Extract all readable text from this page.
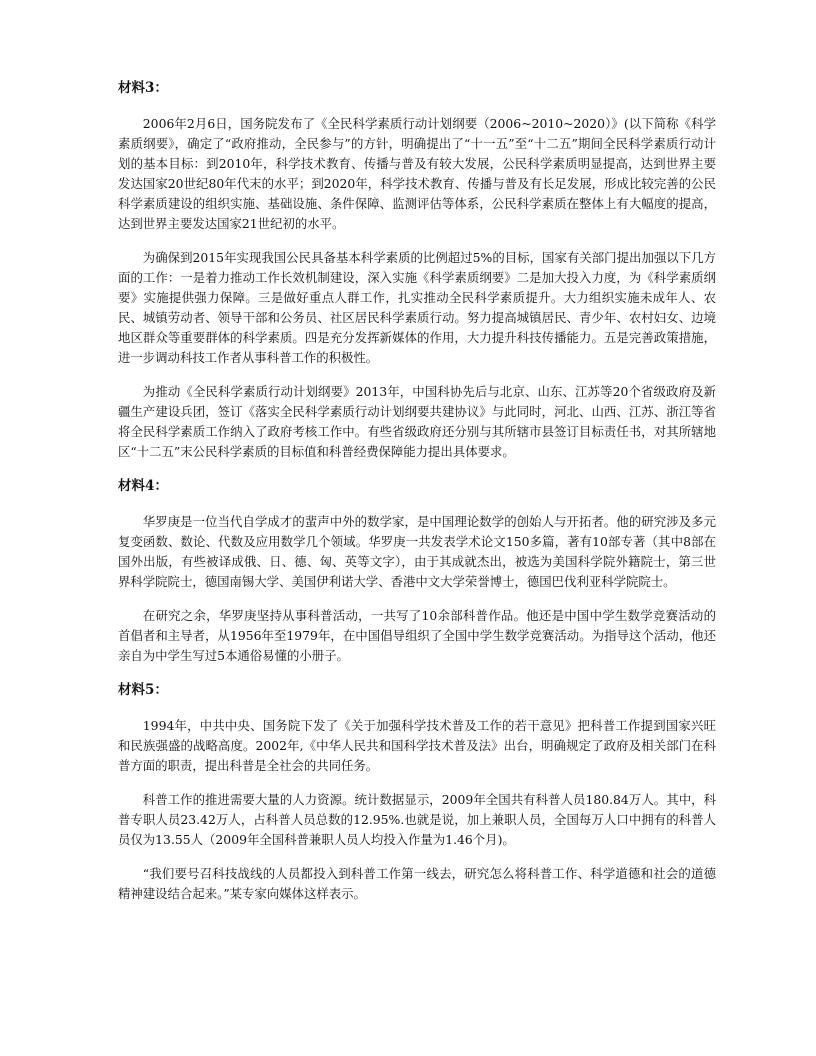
材料3：

2006年2月6日，国务院发布了《全民科学素质行动计划纲要（2006~2010~2020）》(以下简称《科学素质纲要》，确定了“政府推动，全民参与”的方针，明确提出了“十一五”至“十二五”期间全民科学素质行动计划的基本目标：到2010年，科学技术教育、传播与普及有较大发展，公民科学素质明显提高，达到世界主要发达国家20世纪80年代末的水平；到2020年，科学技术教育、传播与普及有长足发展，形成比较完善的公民科学素质建设的组织实施、基础设施、条件保障、监测评估等体系，公民科学素质在整体上有大幅度的提高，达到世界主要发达国家21世纪初的水平。

为确保到2015年实现我国公民具备基本科学素质的比例超过5%的目标，国家有关部门提出加强以下几方面的工作：一是着力推动工作长效机制建设，深入实施《科学素质纲要》二是加大投入力度，为《科学素质纲要》实施提供强力保障。三是做好重点人群工作，扎实推动全民科学素质提升。大力组织实施未成年人、农民、城镇劳动者、领导干部和公务员、社区居民科学素质行动。努力提高城镇居民、青少年、农村妇女、边境地区群众等重要群体的科学素质。四是充分发挥新媒体的作用，大力提升科技传播能力。五是完善政策措施，进一步调动科技工作者从事科普工作的积极性。

为推动《全民科学素质行动计划纲要》2013年，中国科协先后与北京、山东、江苏等20个省级政府及新疆生产建设兵团，签订《落实全民科学素质行动计划纲要共建协议》与此同时，河北、山西、江苏、浙江等省将全民科学素质工作纳入了政府考核工作中。有些省级政府还分别与其所辖市县签订目标责任书，对其所辖地区“十二五”末公民科学素质的目标值和科普经费保障能力提出具体要求。

材料4：

华罗庚是一位当代自学成才的蜚声中外的数学家，是中国理论数学的创始人与开拓者。他的研究涉及多元复变函数、数论、代数及应用数学几个领域。华罗庚一共发表学术论文150多篇，著有10部专著（其中8部在国外出版，有些被译成俄、日、德、匈、英等文字），由于其成就杰出，被选为美国科学院外籍院士，第三世界科学院院士，德国南锡大学、美国伊利诺大学、香港中文大学荣誉博士，德国巴伐利亚科学院院士。

在研究之余，华罗庚坚持从事科普活动，一共写了10余部科普作品。他还是中国中学生数学竞赛活动的首倡者和主导者，从1956年至1979年，在中国倡导组织了全国中学生数学竞赛活动。为指导这个活动，他还亲自为中学生写过5本通俗易懂的小册子。

材料5：

1994年，中共中央、国务院下发了《关于加强科学技术普及工作的若干意见》把科普工作提到国家兴旺和民族强盛的战略高度。2002年,《中华人民共和国科学技术普及法》出台，明确规定了政府及相关部门在科普方面的职责，提出科普是全社会的共同任务。

科普工作的推进需要大量的人力资源。统计数据显示，2009年全国共有科普人员180.84万人。其中，科普专职人员23.42万人，占科普人员总数的12.95%.也就是说，加上兼职人员，全国每万人口中拥有的科普人员仅为13.55人（2009年全国科普兼职人员人均投入作量为1.46个月)。

“我们要号召科技战线的人员都投入到科普工作第一线去，研究怎么将科普工作、科学道德和社会的道德精神建设结合起来。”某专家向媒体这样表示。
